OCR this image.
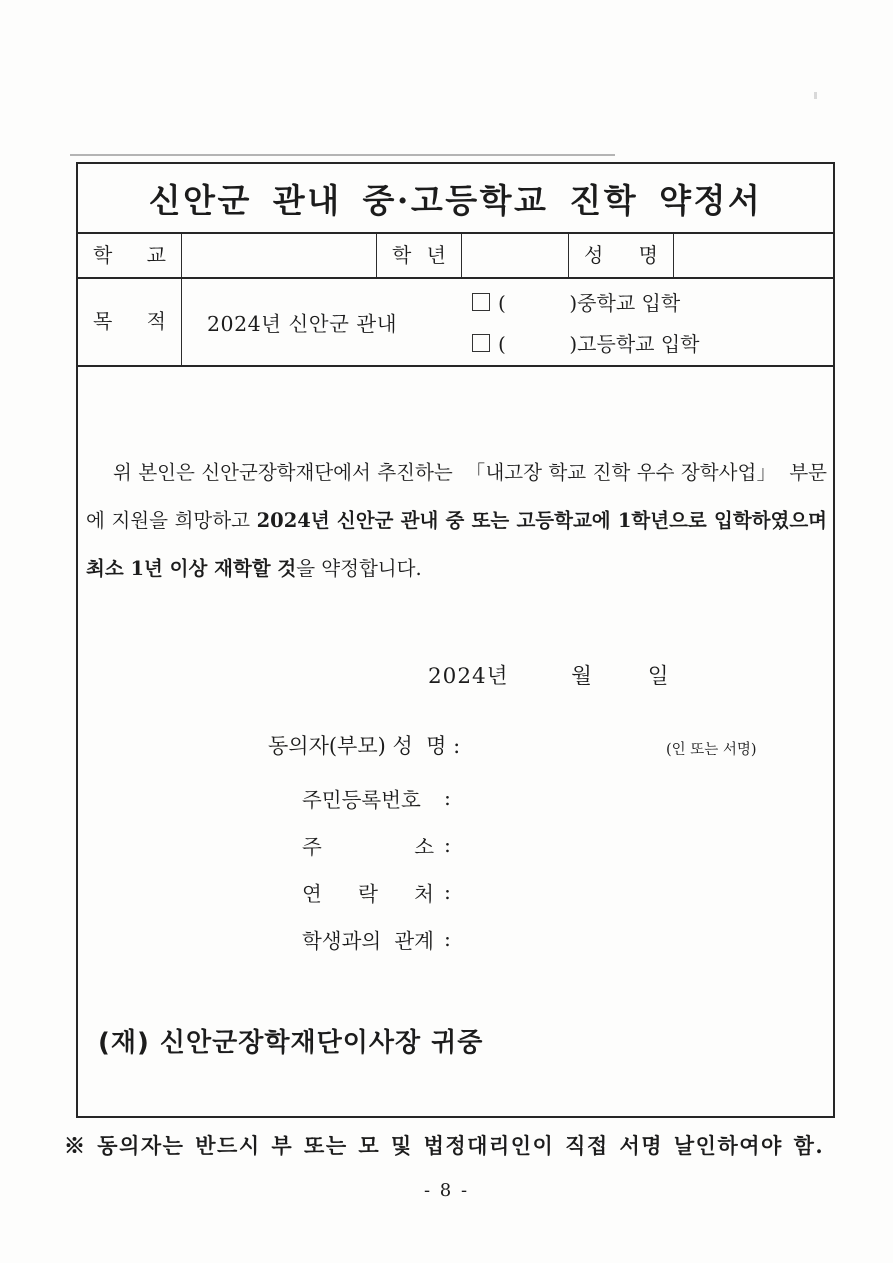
신안군 관내 중·고등학교 진학 약정서
학 교	학 년	성 명
목 적 2024년 신안군 관내
(          )중학교 입학
(          )고등학교 입학

위 본인은 신안군장학재단에서 추진하는  「내고장 학교 진학 우수 장학사업」  부문에 지원을 희망하고 2024년 신안군 관내 중 또는 고등학교에 1학년으로 입학하였으며 최소 1년 이상 재학할 것을 약정합니다.

2024년        월       일
동의자(부모) 성  명 :	(인 또는 서명)
주민등록번호	:
주 소 :
연 락 처 :
학생과의 관계 :
(재) 신안군장학재단이사장 귀중
※ 동의자는 반드시 부 또는 모 및 법정대리인이 직접 서명 날인하여야 함.
- 8 -
